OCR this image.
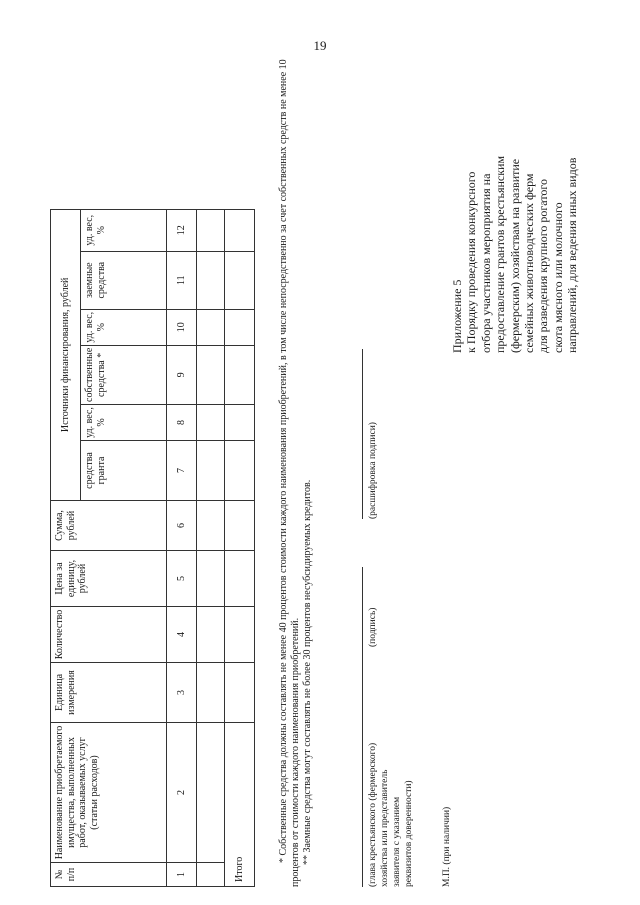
19
№ п/п	Наименование приобретаемого имущества, выполненных работ, оказываемых услуг (статьи расходов)	Единица измерения	Количество	Цена за единицу, рублей	Сумма, рублей	Источники финансирования, рублей					
						средства гранта	уд. вес, %	собственные средства *	уд. вес, %	заемные средства	уд. вес, %
1	2	3	4	5	6	7	8	9	10	11	12

Итого											

* Собственные средства должны составлять не менее 40 процентов стоимости каждого наименования приобретений, в том числе непосредственно за счет собственных средств не менее 10 процентов от стоимости каждого наименования приобретений. ** Заемные средства могут составлять не более 30 процентов несубсидируемых кредитов.	(глава крестьянского (фермерского) хозяйства или представитель заявителя с указанием реквизитов доверенности)
(подпись)
(расшифровка подписи)
М.П. (при наличии)
Приложение 5 к Порядку проведения конкурсного отбора участников мероприятия на предоставление грантов крестьянским (фермерским) хозяйствам на развитие семейных животноводческих ферм для разведения крупного рогатого скота мясного или молочного направлений, для ведения иных видов
